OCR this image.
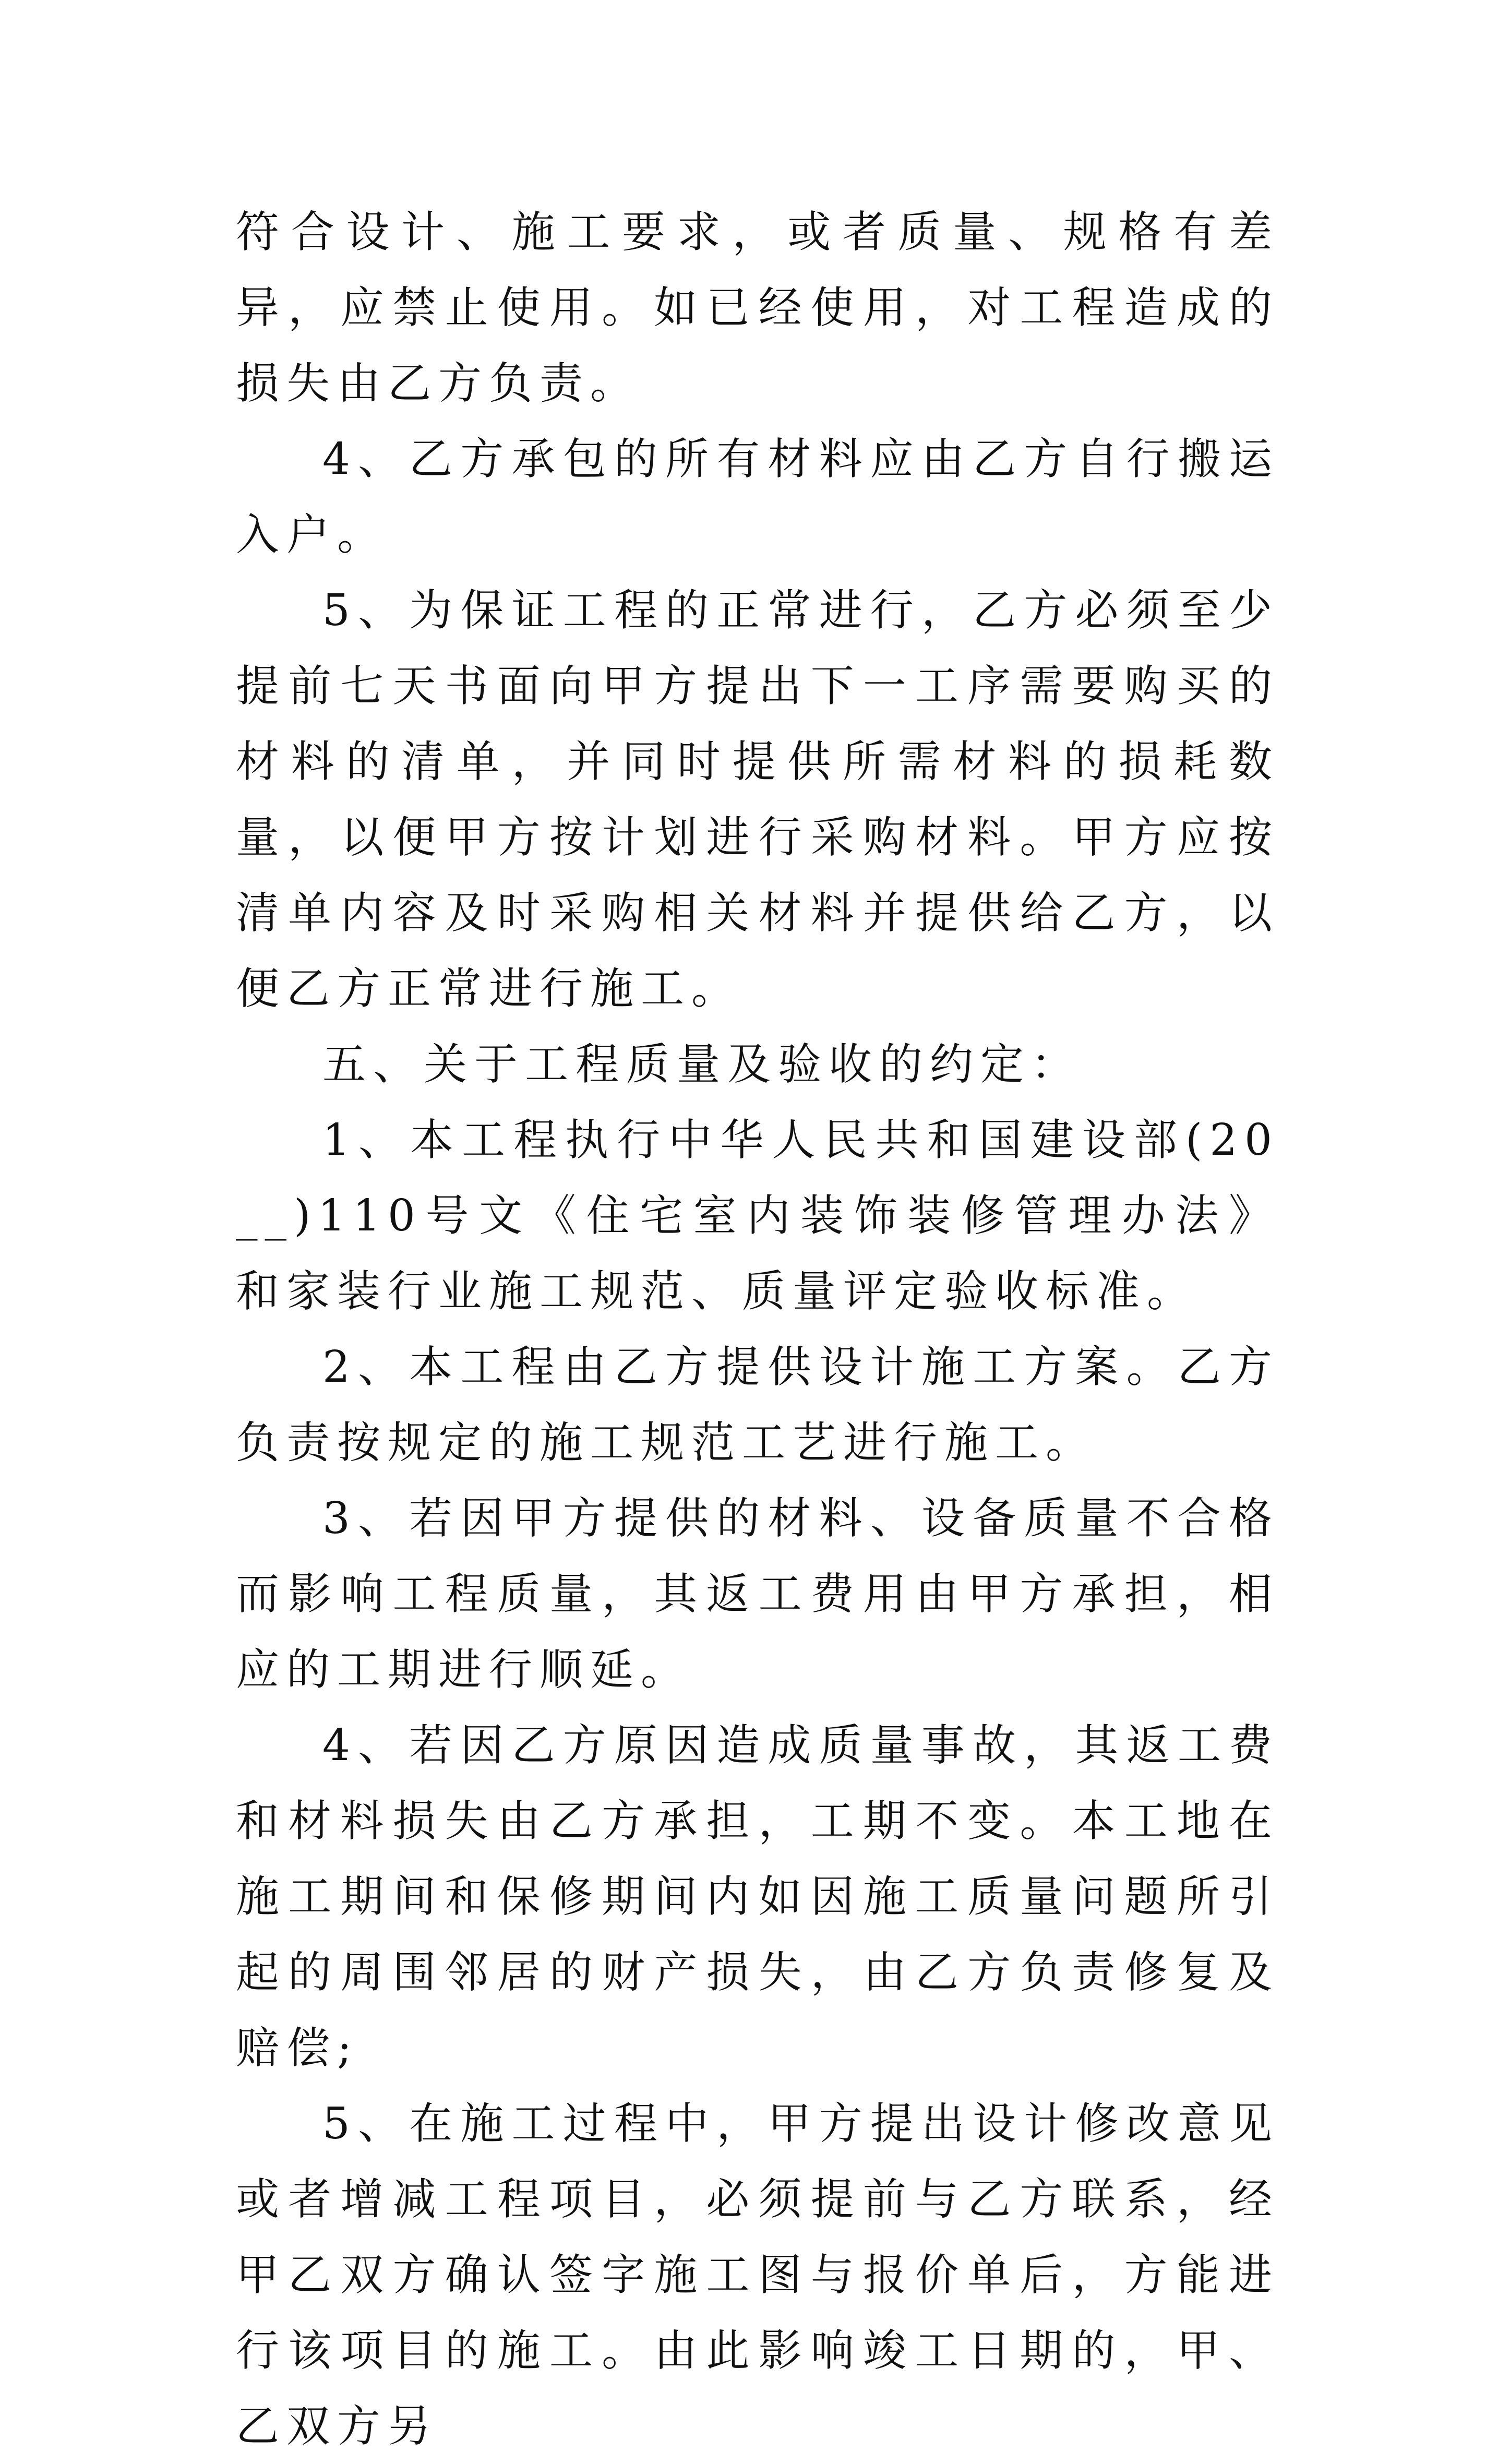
符合设计、施工要求，或者质量、规格有差异，应禁止使用。如已经使用，对工程造成的损失由乙方负责。

4、乙方承包的所有材料应由乙方自行搬运入户。

5、为保证工程的正常进行，乙方必须至少提前七天书面向甲方提出下一工序需要购买的材料的清单，并同时提供所需材料的损耗数量，以便甲方按计划进行采购材料。甲方应按清单内容及时采购相关材料并提供给乙方，以便乙方正常进行施工。

五、关于工程质量及验收的约定：

1、本工程执行中华人民共和国建设部(20__)110号文《住宅室内装饰装修管理办法》和家装行业施工规范、质量评定验收标准。

2、本工程由乙方提供设计施工方案。乙方负责按规定的施工规范工艺进行施工。

3、若因甲方提供的材料、设备质量不合格而影响工程质量，其返工费用由甲方承担，相应的工期进行顺延。

4、若因乙方原因造成质量事故，其返工费和材料损失由乙方承担，工期不变。本工地在施工期间和保修期间内如因施工质量问题所引起的周围邻居的财产损失，由乙方负责修复及赔偿;

5、在施工过程中，甲方提出设计修改意见或者增减工程项目，必须提前与乙方联系，经甲乙双方确认签字施工图与报价单后，方能进行该项目的施工。由此影响竣工日期的，甲、乙双方另
